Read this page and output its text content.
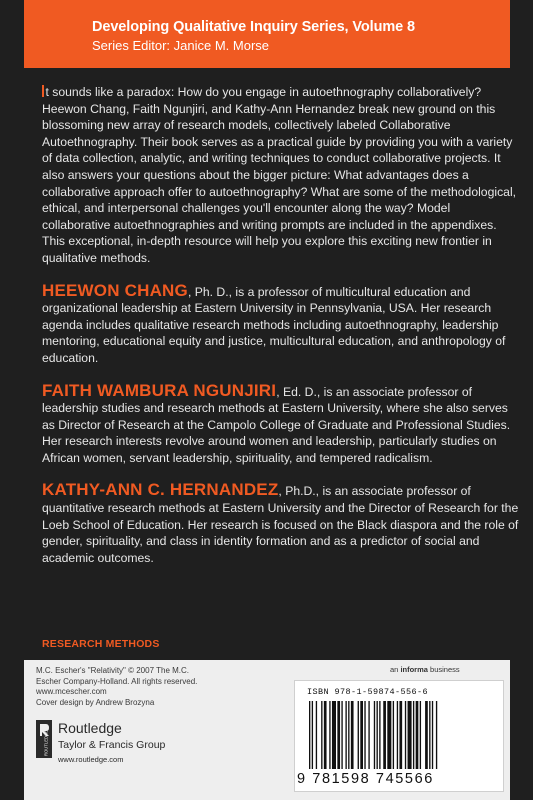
Developing Qualitative Inquiry Series, Volume 8
Series Editor: Janice M. Morse

t sounds like a paradox: How do you engage in autoethnography collaboratively? Heewon Chang, Faith Ngunjiri, and Kathy-Ann Hernandez break new ground on this blossoming new array of research models, collectively labeled Collaborative Autoethnography. Their book serves as a practical guide by providing you with a variety of data collection, analytic, and writing techniques to conduct collaborative projects. It also answers your questions about the bigger picture: What advantages does a collaborative approach offer to autoethnography? What are some of the methodological, ethical, and interpersonal challenges you'll encounter along the way? Model collaborative autoethnographies and writing prompts are included in the appendixes. This exceptional, in-depth resource will help you explore this exciting new frontier in qualitative methods.

HEEWON CHANG, Ph. D., is a professor of multicultural education and organizational leadership at Eastern University in Pennsylvania, USA. Her research agenda includes qualitative research methods including autoethnography, leadership mentoring, educational equity and justice, multicultural education, and anthropology of education.

FAITH WAMBURA NGUNJIRI, Ed. D., is an associate professor of leadership studies and research methods at Eastern University, where she also serves as Director of Research at the Campolo College of Graduate and Professional Studies. Her research interests revolve around women and leadership, particularly studies on African women, servant leadership, spirituality, and tempered radicalism.

KATHY-ANN C. HERNANDEZ, Ph.D., is an associate professor of quantitative research methods at Eastern University and the Director of Research for the Loeb School of Education. Her research is focused on the Black diaspora and the role of gender, spirituality, and class in identity formation and as a predictor of social and academic outcomes.

RESEARCH METHODS

M.C. Escher's "Relativity" © 2007 The M.C. Escher Company-Holland. All rights reserved. www.mcescher.com

Cover design by Andrew Brozyna

ROUTLEDGE
Routledge
Taylor & Francis Group
www.routledge.com
an informa business
ISBN 978-1-59874-556-6
9 781598 745566
